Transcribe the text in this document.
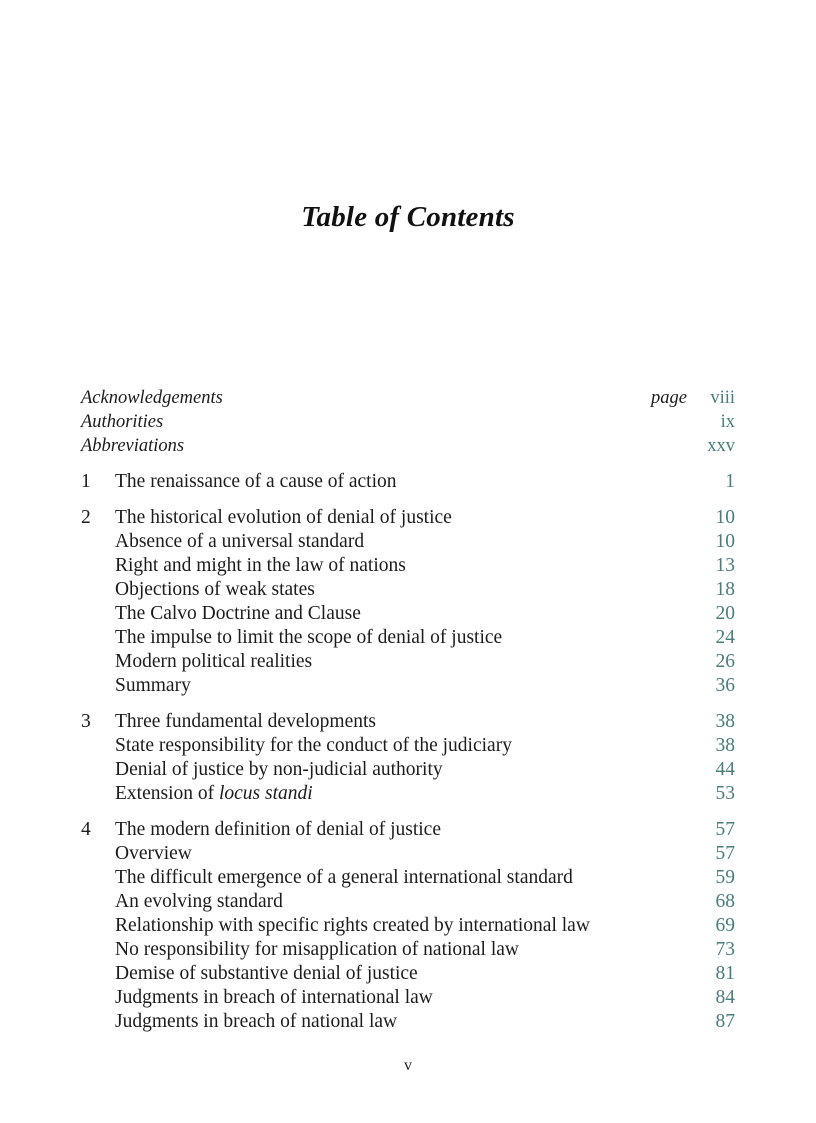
Table of Contents
Acknowledgements	page viii
Authorities	ix
Abbreviations	xxv
1	The renaissance of a cause of action	1
2	The historical evolution of denial of justice	10
Absence of a universal standard	10
Right and might in the law of nations	13
Objections of weak states	18
The Calvo Doctrine and Clause	20
The impulse to limit the scope of denial of justice	24
Modern political realities	26
Summary	36
3	Three fundamental developments	38
State responsibility for the conduct of the judiciary	38
Denial of justice by non-judicial authority	44
Extension of locus standi	53
4	The modern definition of denial of justice	57
Overview	57
The difficult emergence of a general international standard	59
An evolving standard	68
Relationship with specific rights created by international law	69
No responsibility for misapplication of national law	73
Demise of substantive denial of justice	81
Judgments in breach of international law	84
Judgments in breach of national law	87
v
